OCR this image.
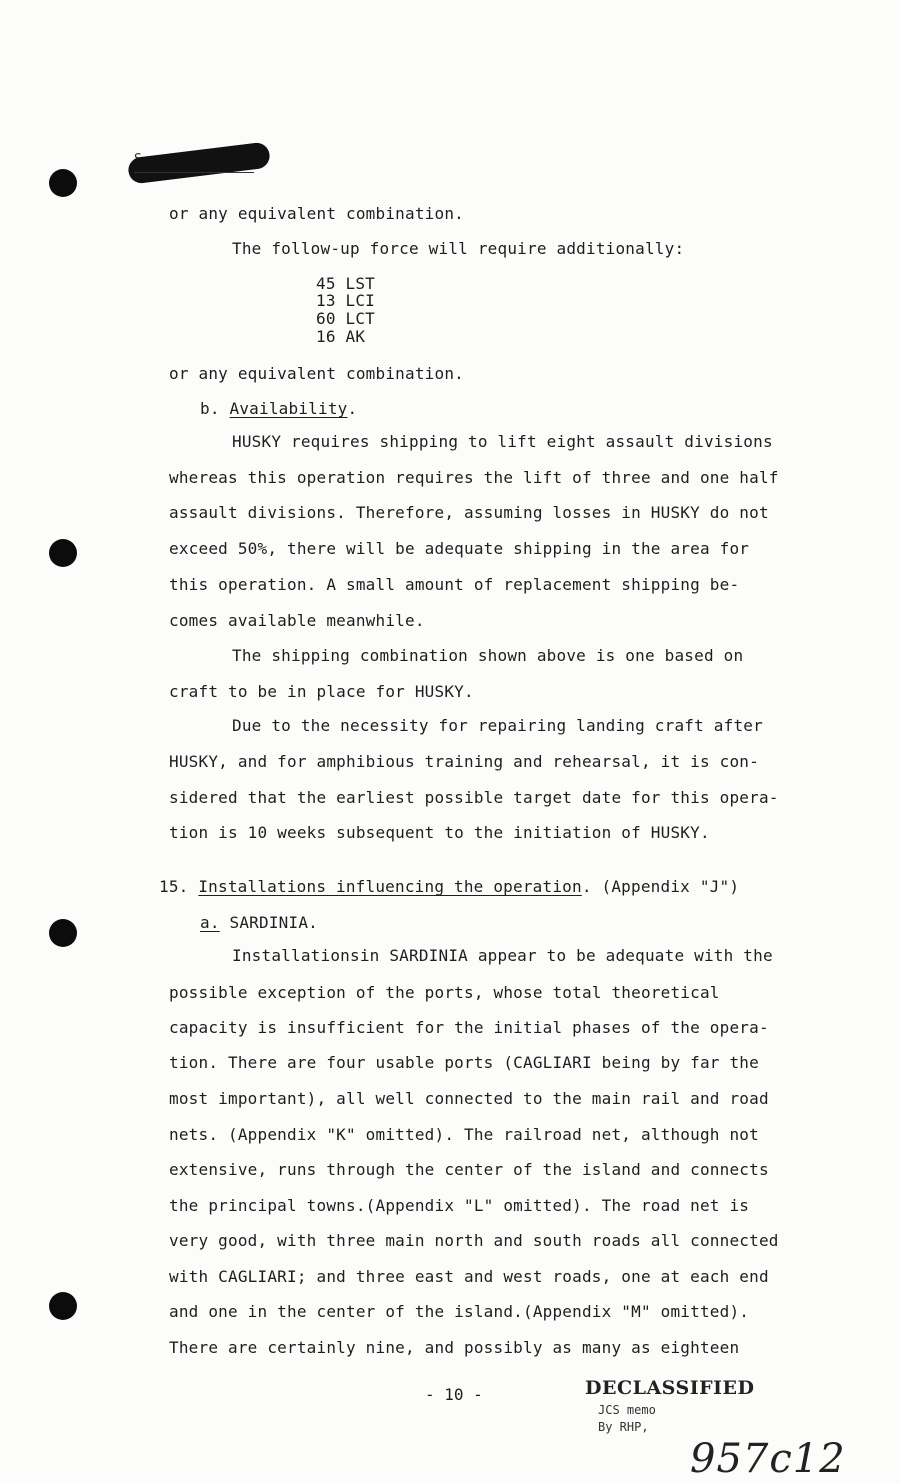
or any equivalent combination.
The follow-up force will require additionally:
45 LST
13 LCI
60 LCT
16 AK
or any equivalent combination.
b. Availability.
HUSKY requires shipping to lift eight assault divisions
whereas this operation requires the lift of three and one half
assault divisions. Therefore, assuming losses in HUSKY do not
exceed 50%, there will be adequate shipping in the area for
this operation. A small amount of replacement shipping be-
comes available meanwhile.
The shipping combination shown above is one based on
craft to be in place for HUSKY.
Due to the necessity for repairing landing craft after
HUSKY, and for amphibious training and rehearsal, it is con-
sidered that the earliest possible target date for this opera-
tion is 10 weeks subsequent to the initiation of HUSKY.
15. Installations influencing the operation. (Appendix "J")
a. SARDINIA.
Installationsin SARDINIA appear to be adequate with the
possible exception of the ports, whose total theoretical
capacity is insufficient for the initial phases of the opera-
tion. There are four usable ports (CAGLIARI being by far the
most important), all well connected to the main rail and road
nets. (Appendix "K" omitted). The railroad net, although not
extensive, runs through the center of the island and connects
the principal towns.(Appendix "L" omitted). The road net is
very good, with three main north and south roads all connected
with CAGLIARI; and three east and west roads, one at each end
and one in the center of the island.(Appendix "M" omitted).
There are certainly nine, and possibly as many as eighteen
- 10 -	DECLASSIFIED
JCS memo
By RHP,
957c12
